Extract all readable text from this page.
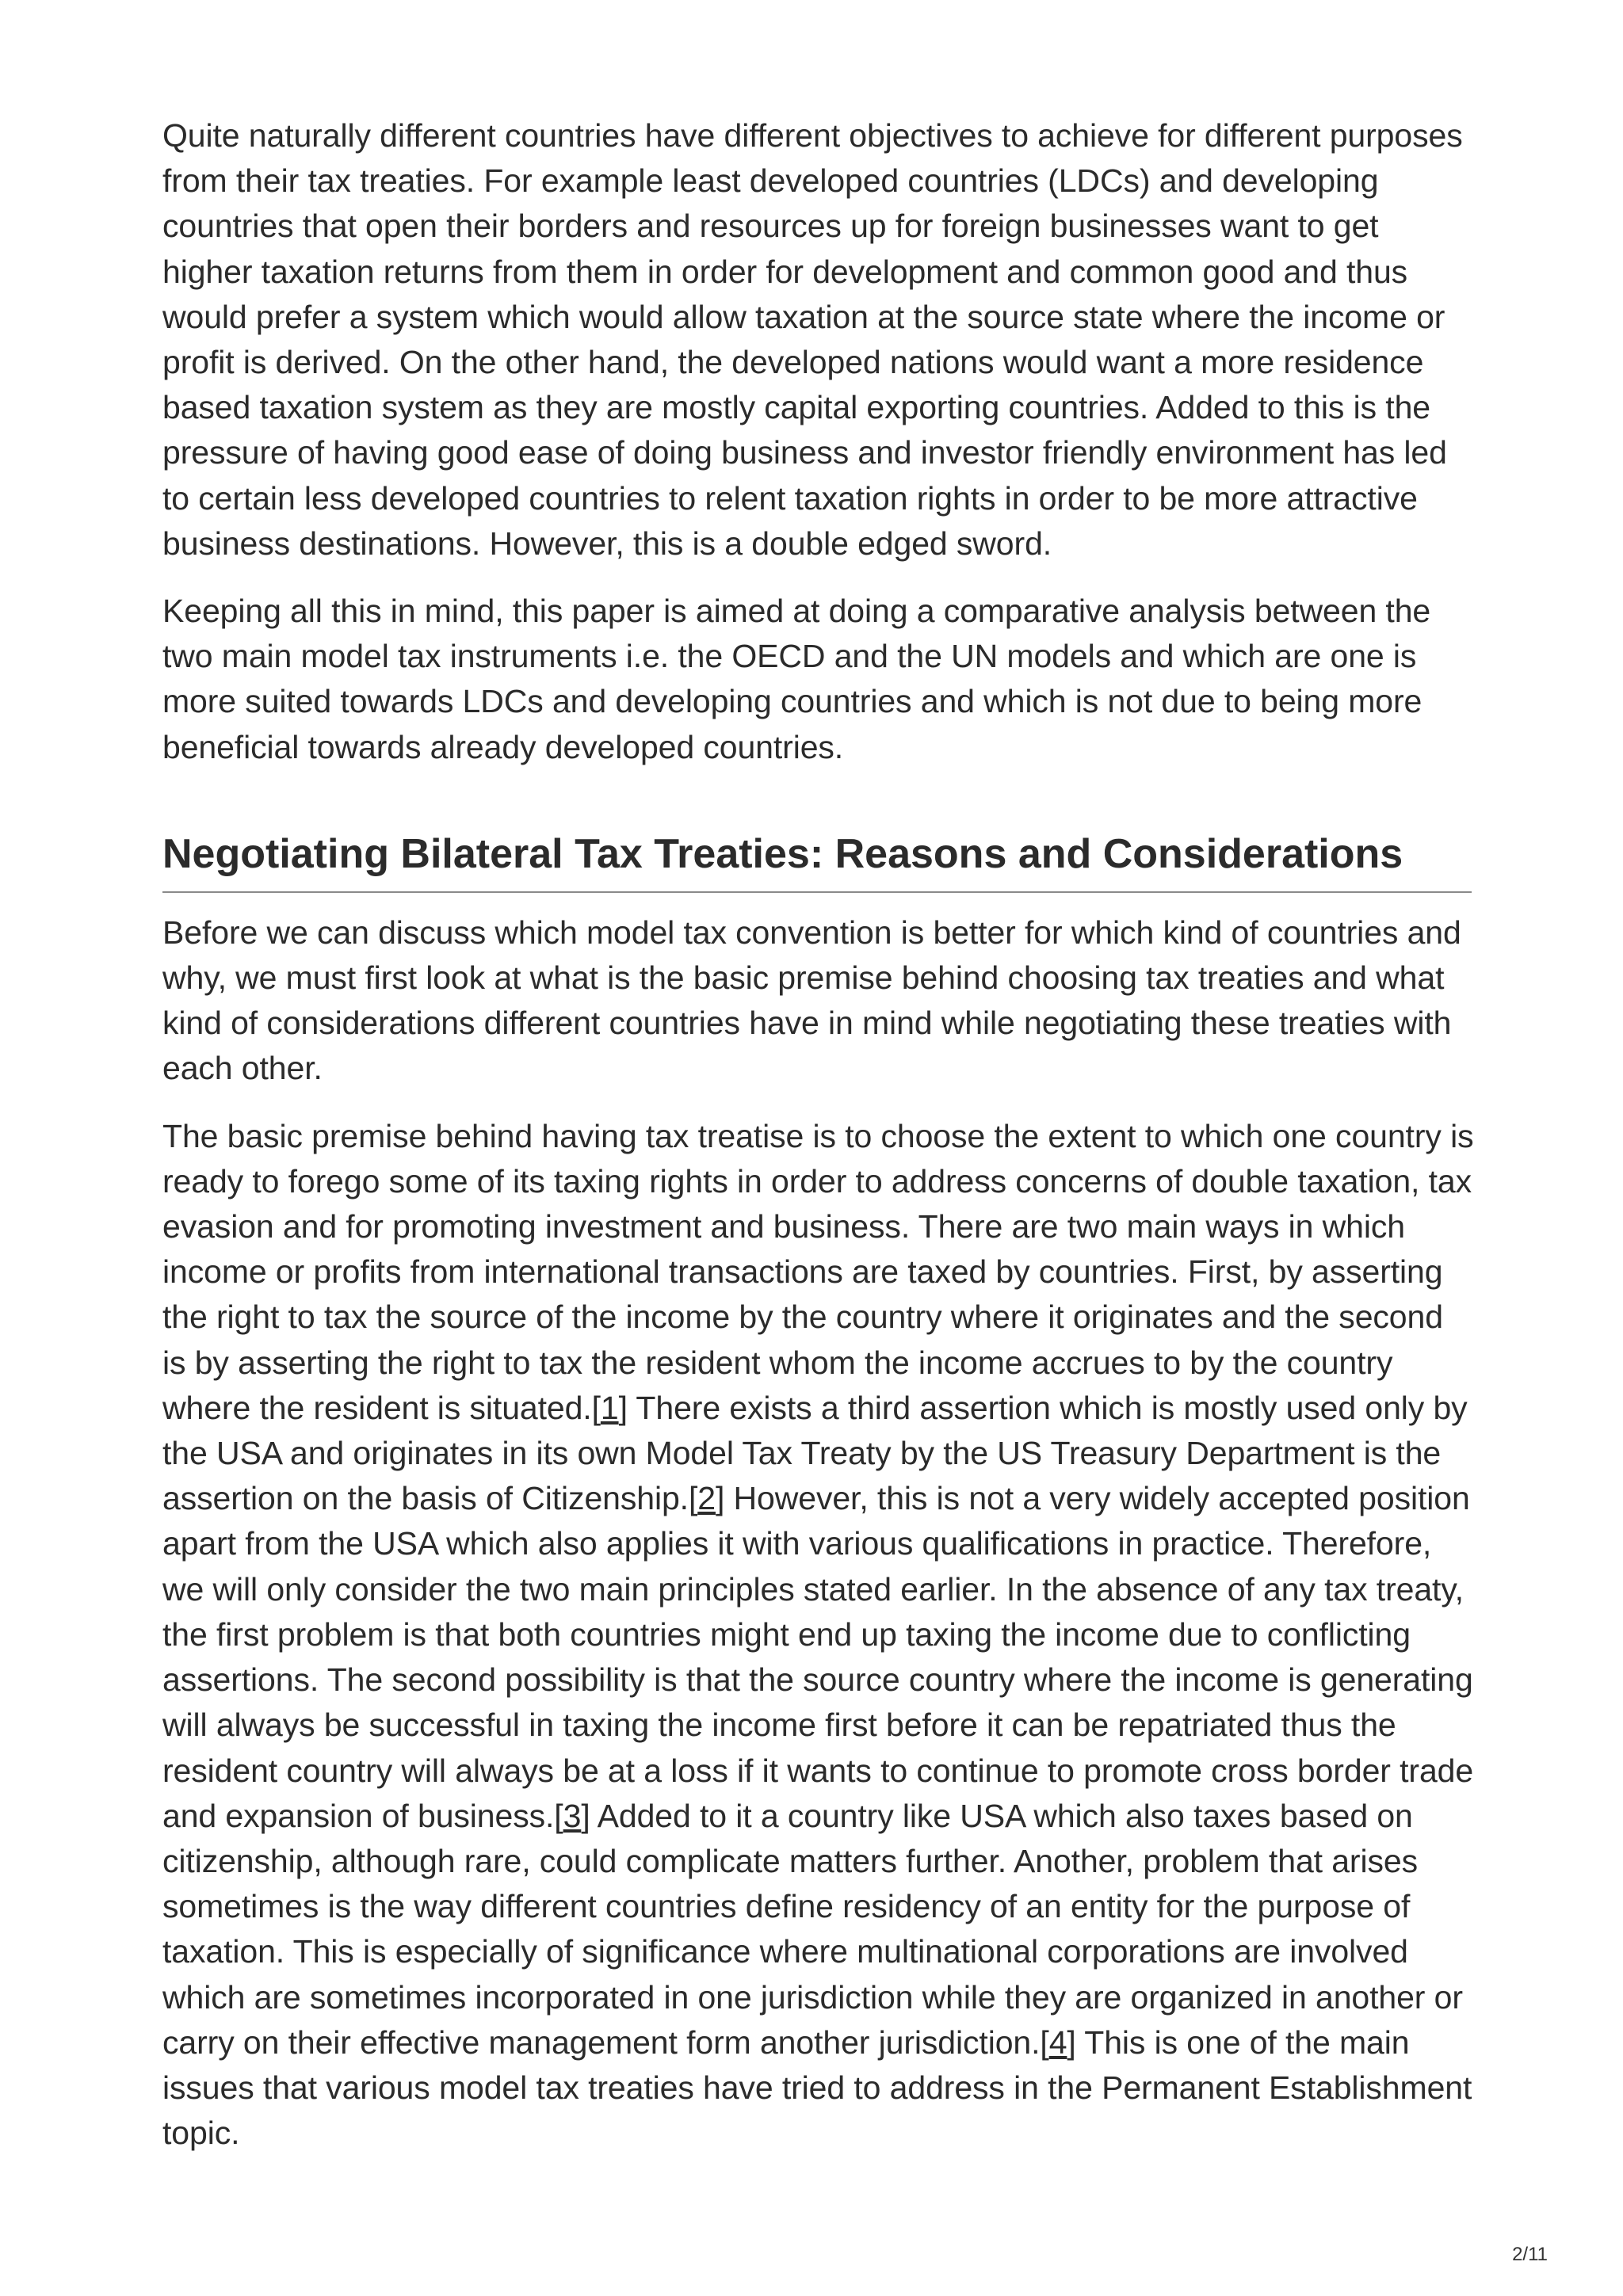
Quite naturally different countries have different objectives to achieve for different purposes from their tax treaties. For example least developed countries (LDCs) and developing countries that open their borders and resources up for foreign businesses want to get higher taxation returns from them in order for development and common good and thus would prefer a system which would allow taxation at the source state where the income or profit is derived. On the other hand, the developed nations would want a more residence based taxation system as they are mostly capital exporting countries. Added to this is the pressure of having good ease of doing business and investor friendly environment has led to certain less developed countries to relent taxation rights in order to be more attractive business destinations. However, this is a double edged sword.

Keeping all this in mind, this paper is aimed at doing a comparative analysis between the two main model tax instruments i.e. the OECD and the UN models and which are one is more suited towards LDCs and developing countries and which is not due to being more beneficial towards already developed countries.

Negotiating Bilateral Tax Treaties: Reasons and Considerations

Before we can discuss which model tax convention is better for which kind of countries and why, we must first look at what is the basic premise behind choosing tax treaties and what kind of considerations different countries have in mind while negotiating these treaties with each other.

The basic premise behind having tax treatise is to choose the extent to which one country is ready to forego some of its taxing rights in order to address concerns of double taxation, tax evasion and for promoting investment and business. There are two main ways in which income or profits from international transactions are taxed by countries. First, by asserting the right to tax the source of the income by the country where it originates and the second is by asserting the right to tax the resident whom the income accrues to by the country where the resident is situated.[1] There exists a third assertion which is mostly used only by the USA and originates in its own Model Tax Treaty by the US Treasury Department is the assertion on the basis of Citizenship.[2] However, this is not a very widely accepted position apart from the USA which also applies it with various qualifications in practice. Therefore, we will only consider the two main principles stated earlier. In the absence of any tax treaty, the first problem is that both countries might end up taxing the income due to conflicting assertions. The second possibility is that the source country where the income is generating will always be successful in taxing the income first before it can be repatriated thus the resident country will always be at a loss if it wants to continue to promote cross border trade and expansion of business.[3] Added to it a country like USA which also taxes based on citizenship, although rare, could complicate matters further. Another, problem that arises sometimes is the way different countries define residency of an entity for the purpose of taxation. This is especially of significance where multinational corporations are involved which are sometimes incorporated in one jurisdiction while they are organized in another or carry on their effective management form another jurisdiction.[4] This is one of the main issues that various model tax treaties have tried to address in the Permanent Establishment topic.

2/11
